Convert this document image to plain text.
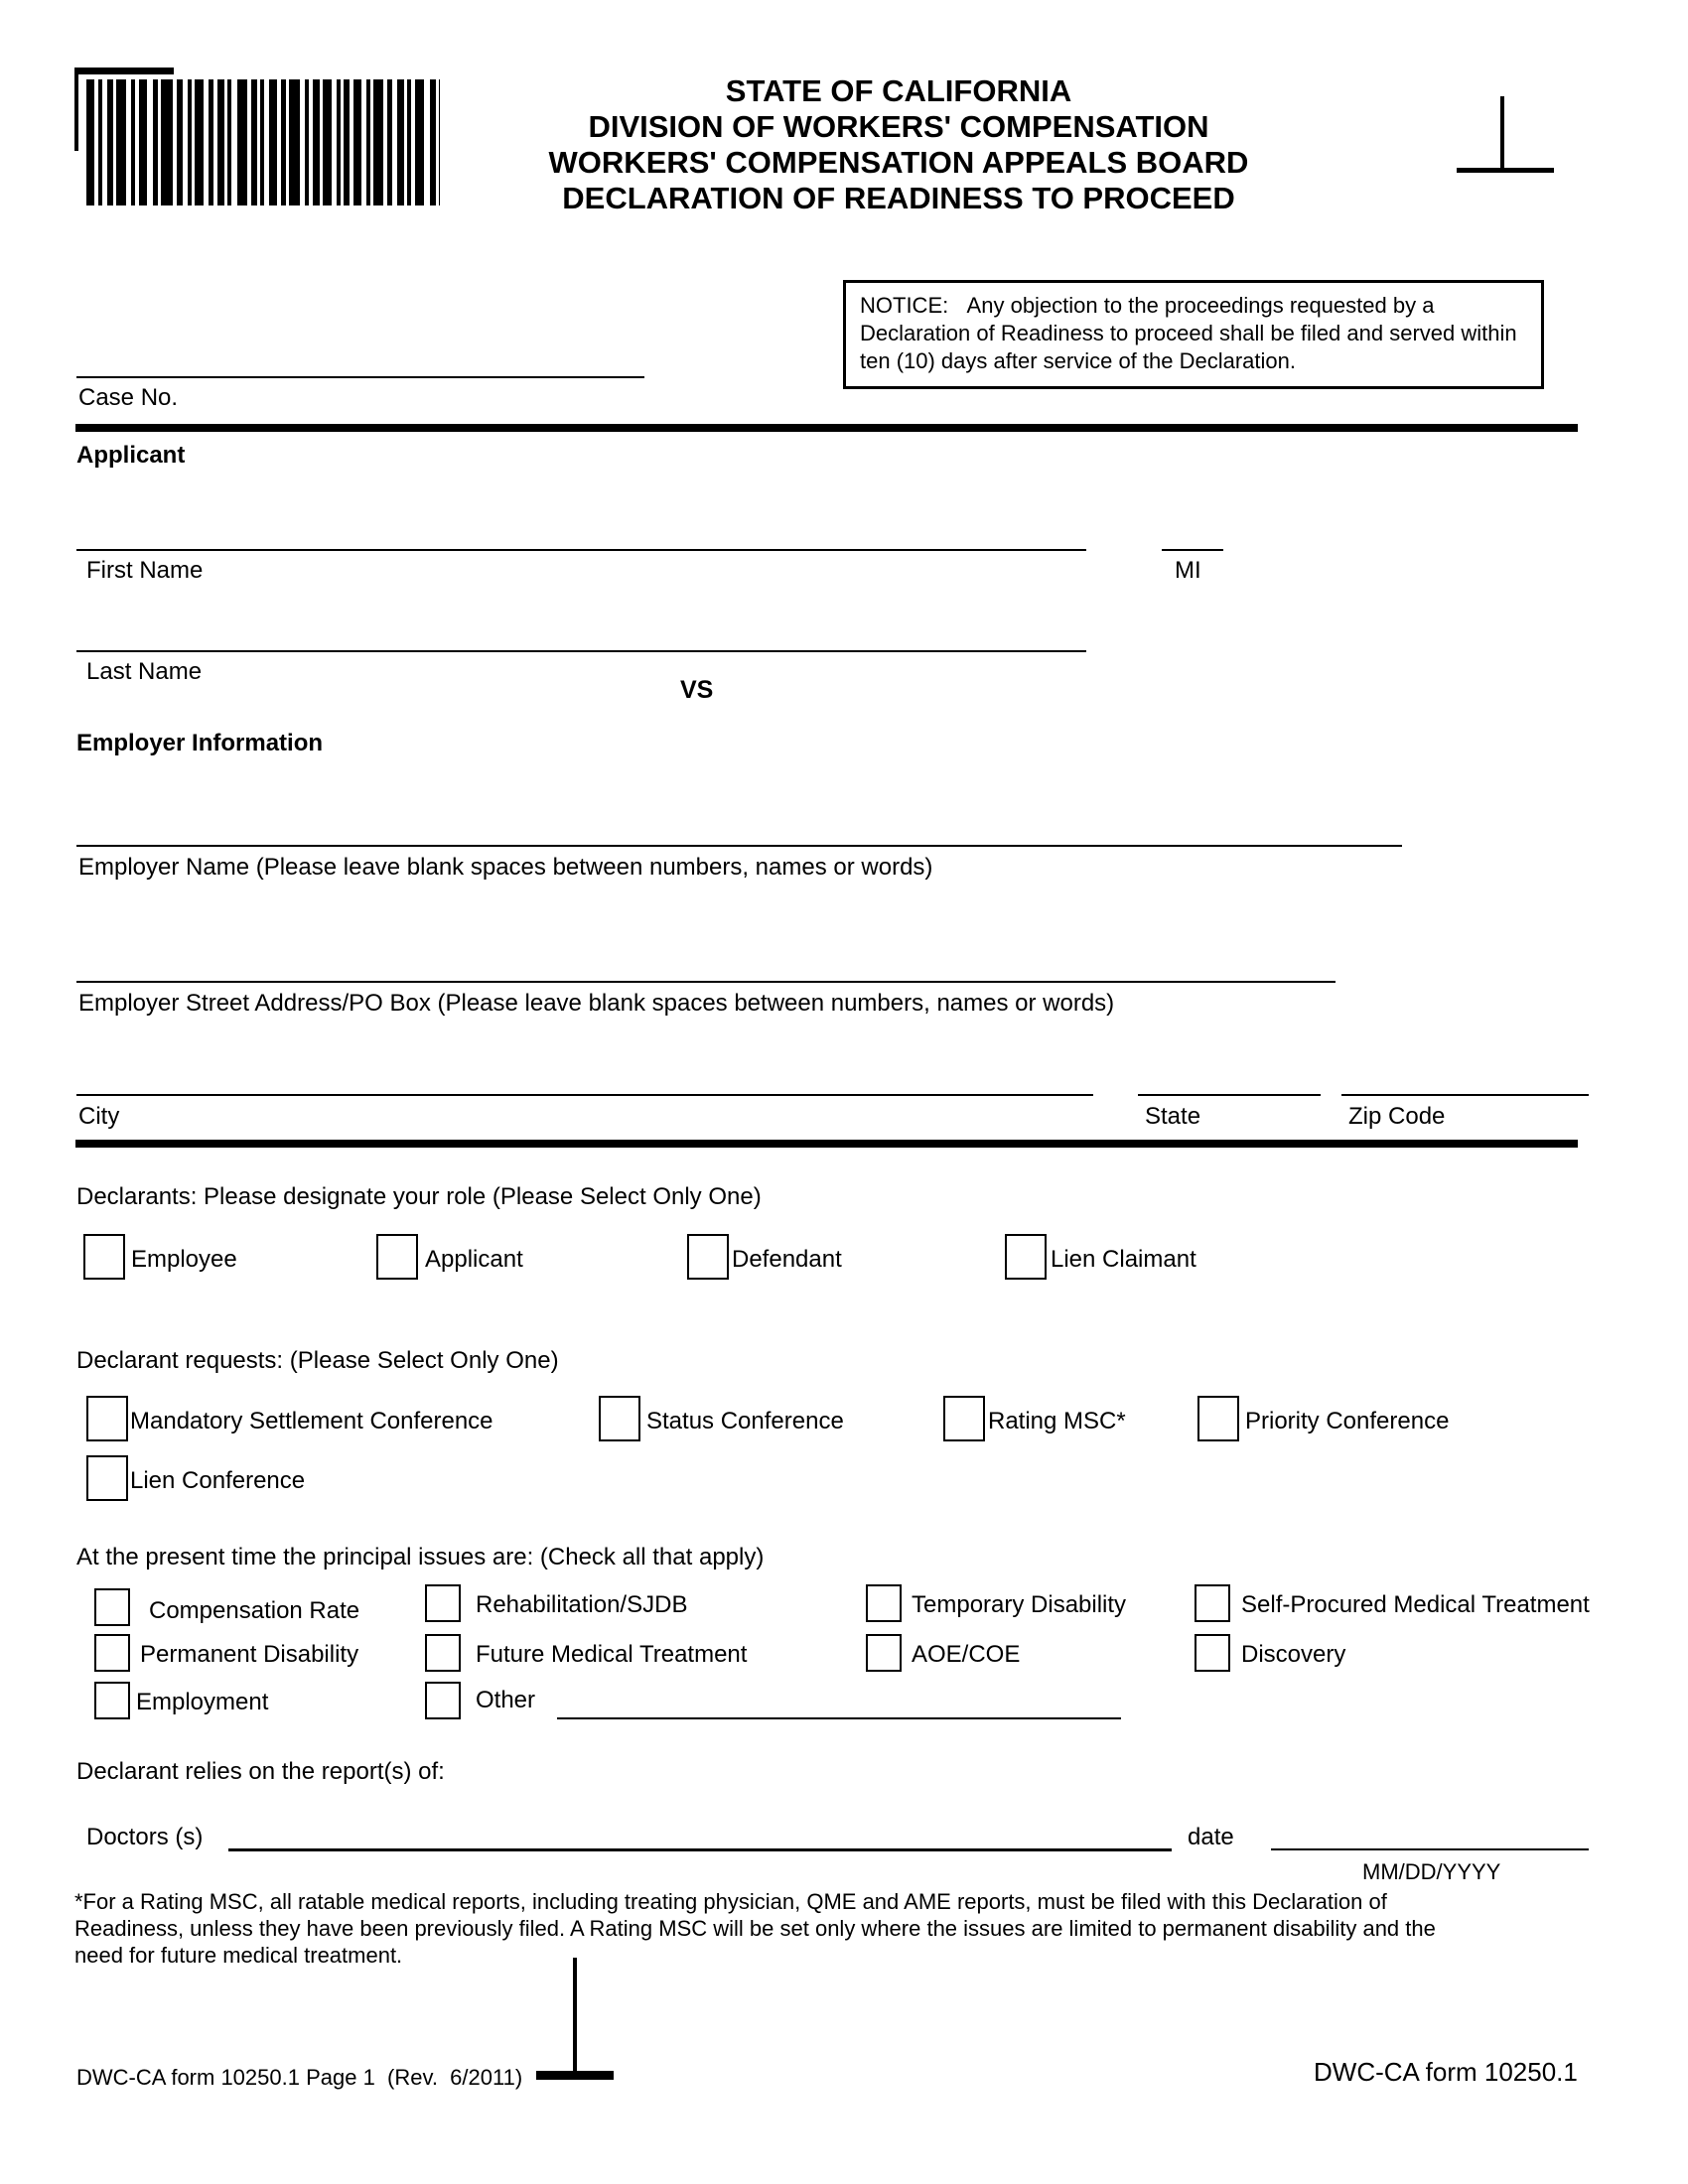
STATE OF CALIFORNIA
DIVISION OF WORKERS' COMPENSATION
WORKERS' COMPENSATION APPEALS BOARD
DECLARATION OF READINESS TO PROCEED
NOTICE:   Any objection to the proceedings requested by a Declaration of Readiness to proceed shall be filed and served within ten (10) days after service of the Declaration.
Case No.
Applicant
First Name	MI
Last Name
VS
Employer Information
Employer Name (Please leave blank spaces between numbers, names or words)
Employer Street Address/PO Box (Please leave blank spaces between numbers, names or words)
City	State	Zip Code
Declarants: Please designate your role (Please Select Only One)
Employee	Applicant	Defendant	Lien Claimant
Declarant requests: (Please Select Only One)
Mandatory Settlement Conference	Status Conference	Rating MSC*	Priority Conference
Lien Conference
At the present time the principal issues are: (Check all that apply)
Compensation Rate	Rehabilitation/SJDB	Temporary Disability	Self-Procured Medical Treatment
Permanent Disability	Future Medical Treatment	AOE/COE	Discovery
Employment	Other
Declarant relies on the report(s) of:
Doctors (s)	date
MM/DD/YYYY
*For a Rating MSC, all ratable medical reports, including treating physician, QME and AME reports, must be filed with this Declaration of Readiness, unless they have been previously filed. A Rating MSC will be set only where the issues are limited to permanent disability and the need for future medical treatment.
DWC-CA form 10250.1 Page 1  (Rev.  6/2011)	DWC-CA form 10250.1
